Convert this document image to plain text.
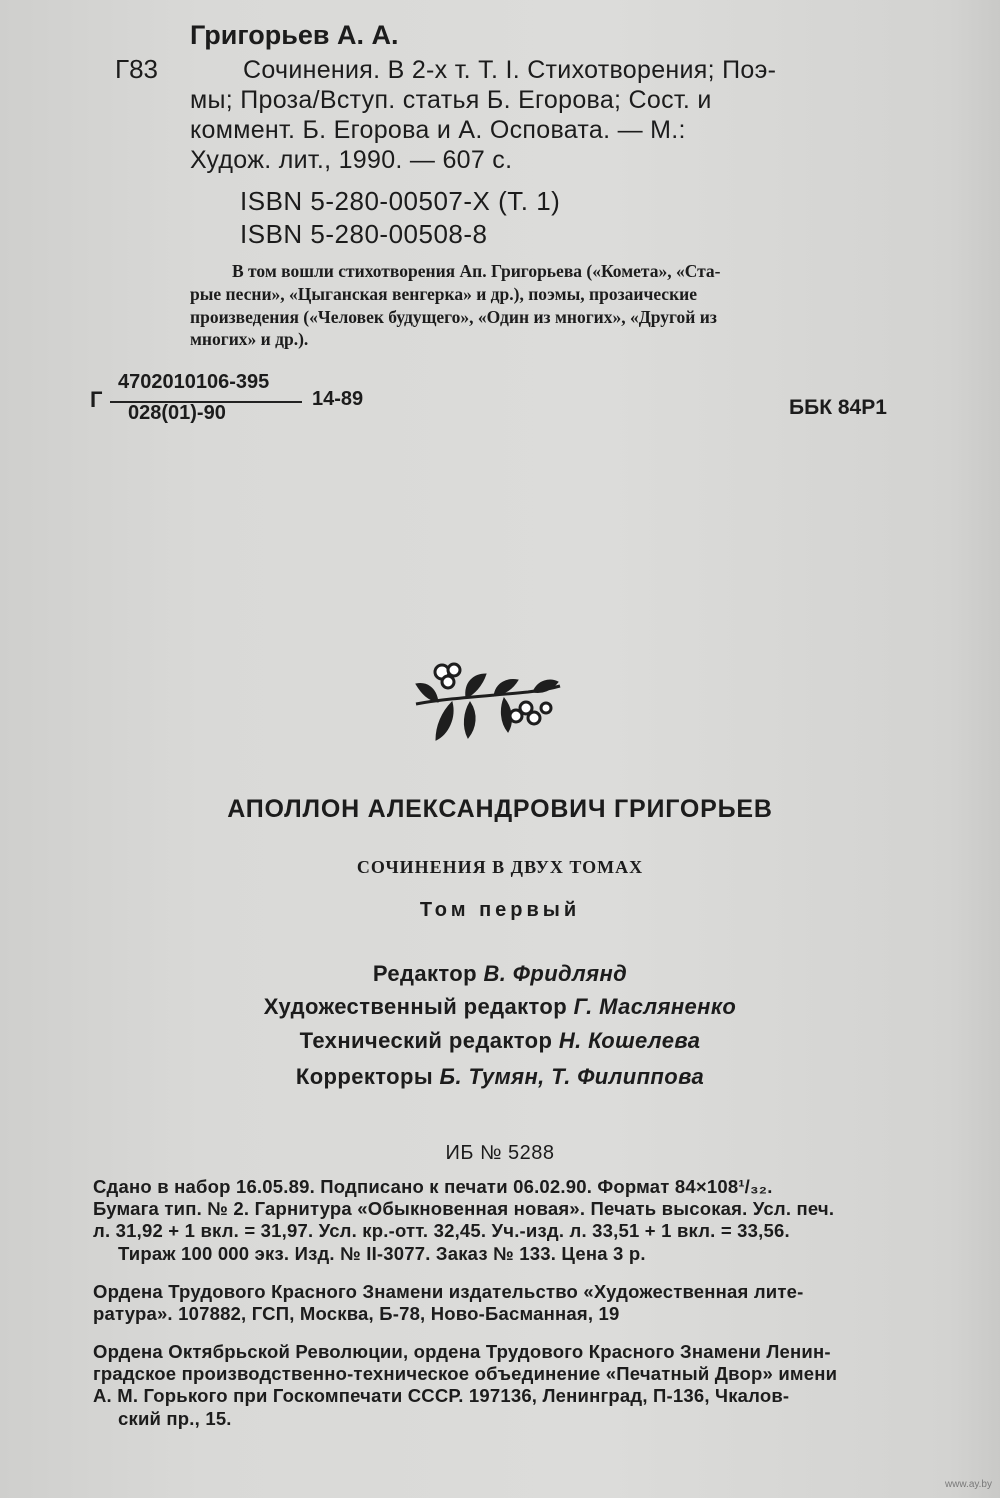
Григорьев А. А.
Г83	Сочинения. В 2-х т. Т. I. Стихотворения; Поэ-
мы; Проза/Вступ. статья Б. Егорова; Сост. и
коммент. Б. Егорова и А. Осповата. — М.:
Худож. лит., 1990. — 607 с.
ISBN 5-280-00507-X (Т. 1)
ISBN 5-280-00508-8
В том вошли стихотворения Ап. Григорьева («Комета», «Ста-
рые песни», «Цыганская венгерка» и др.), поэмы, прозаические
произведения («Человек будущего», «Один из многих», «Другой из
многих» и др.).
Г
4702010106-395
028(01)-90
14-89	ББК 84Р1
АПОЛЛОН АЛЕКСАНДРОВИЧ ГРИГОРЬЕВ
СОЧИНЕНИЯ В ДВУХ ТОМАХ
Том первый
Редактор В. Фридлянд
Художественный редактор Г. Масляненко
Технический редактор Н. Кошелева
Корректоры Б. Тумян, Т. Филиппова
ИБ № 5288
Сдано в набор 16.05.89. Подписано к печати 06.02.90. Формат 84×108¹/₃₂.
Бумага тип. № 2. Гарнитура «Обыкновенная новая». Печать высокая. Усл. печ.
л. 31,92 + 1 вкл. = 31,97. Усл. кр.-отт. 32,45. Уч.-изд. л. 33,51 + 1 вкл. = 33,56.
Тираж 100 000 экз. Изд. № II-3077. Заказ № 133. Цена 3 р.
Ордена Трудового Красного Знамени издательство «Художественная лите-
ратура». 107882, ГСП, Москва, Б-78, Ново-Басманная, 19
Ордена Октябрьской Революции, ордена Трудового Красного Знамени Ленин-
градское производственно-техническое объединение «Печатный Двор» имени
А. М. Горького при Госкомпечати СССР. 197136, Ленинград, П-136, Чкалов-
ский пр., 15.
www.ay.by
